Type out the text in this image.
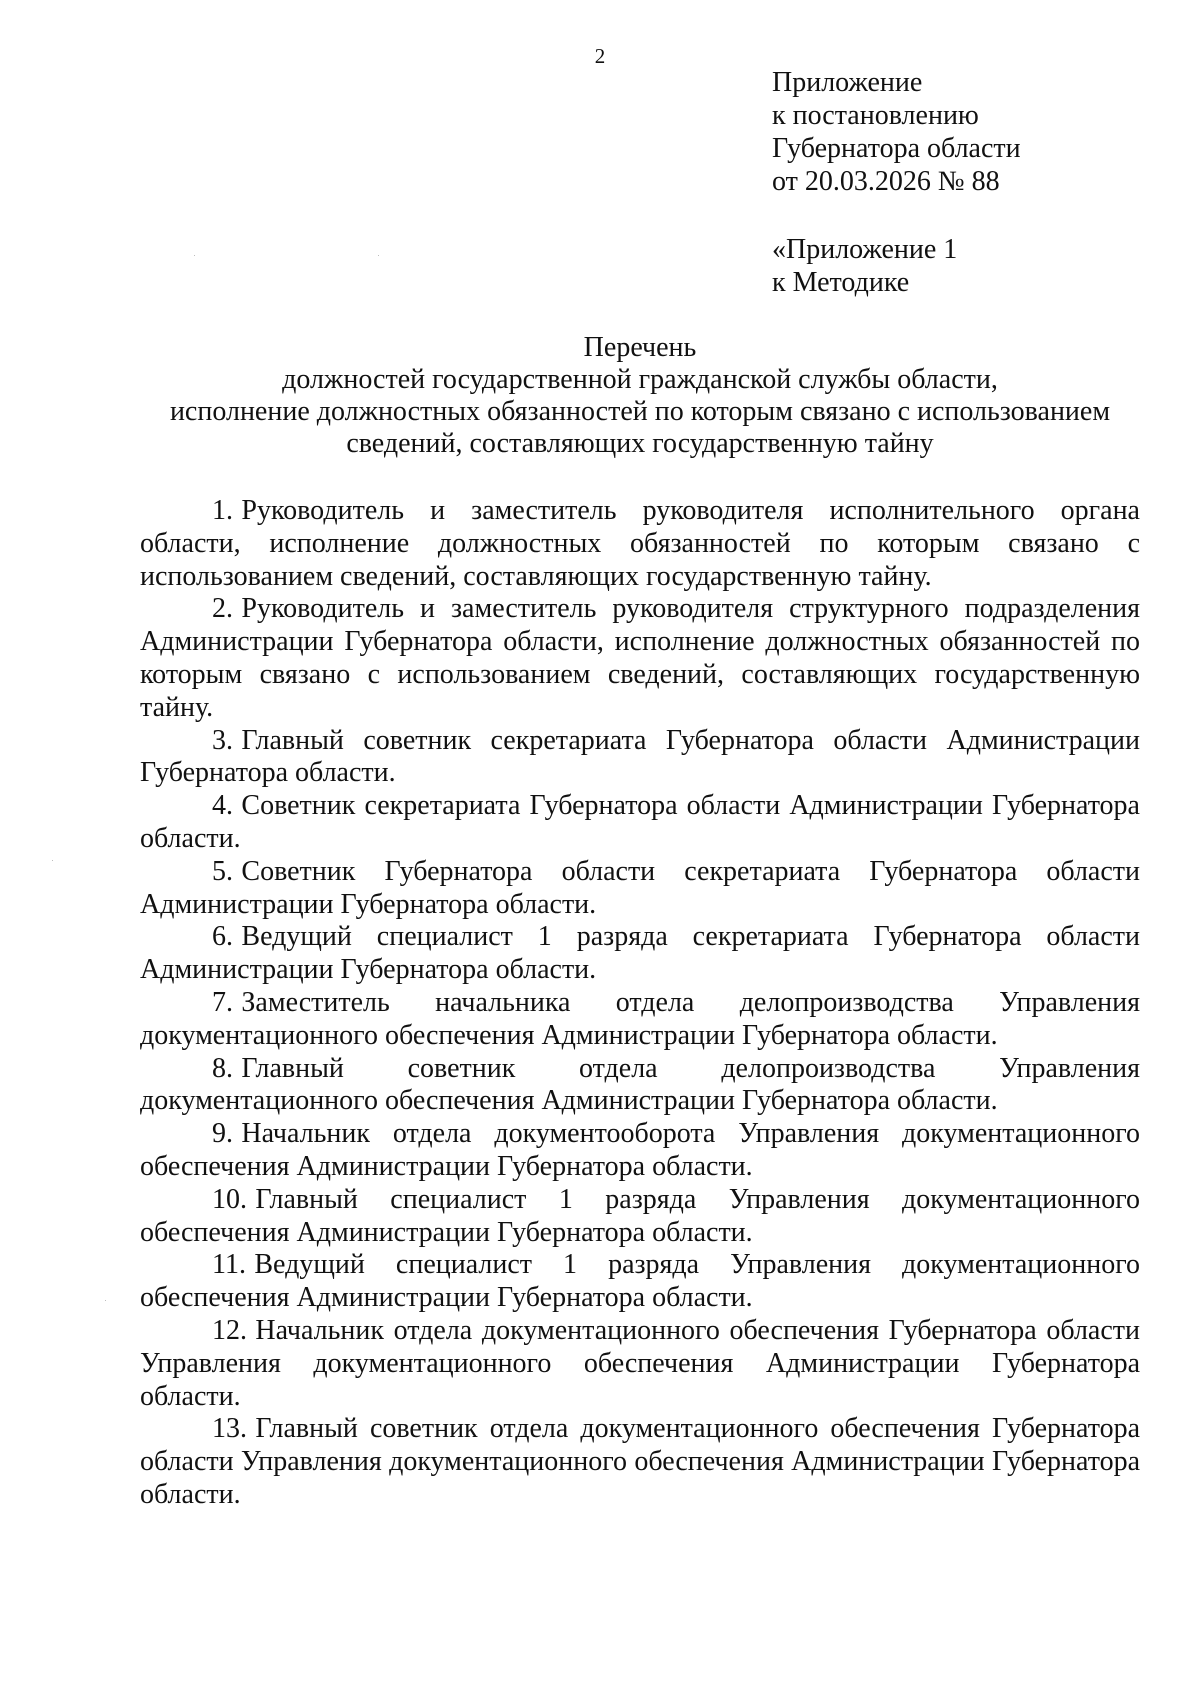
2
Приложение
к постановлению
Губернатора области
от 20.03.2026 № 88
«Приложение 1
к Методике
Перечень
должностей государственной гражданской службы области,
исполнение должностных обязанностей по которым связано с использованием
сведений, составляющих государственную тайну

1. Руководитель и заместитель руководителя исполнительного органа области, исполнение должностных обязанностей по которым связано с использованием сведений, составляющих государственную тайну.

2. Руководитель и заместитель руководителя структурного подразделения Администрации Губернатора области, исполнение должностных обязанностей по которым связано с использованием сведений, составляющих государственную тайну.

3. Главный советник секретариата Губернатора области Администрации Губернатора области.

4. Советник секретариата Губернатора области Администрации Губернатора области.

5. Советник Губернатора области секретариата Губернатора области Администрации Губернатора области.

6. Ведущий специалист 1 разряда секретариата Губернатора области Администрации Губернатора области.

7. Заместитель начальника отдела делопроизводства Управления документационного обеспечения Администрации Губернатора области.

8. Главный советник отдела делопроизводства Управления документационного обеспечения Администрации Губернатора области.

9. Начальник отдела документооборота Управления документационного обеспечения Администрации Губернатора области.

10. Главный специалист 1 разряда Управления документационного обеспечения Администрации Губернатора области.

11. Ведущий специалист 1 разряда Управления документационного обеспечения Администрации Губернатора области.

12. Начальник отдела документационного обеспечения Губернатора области Управления документационного обеспечения Администрации Губернатора области.

13. Главный советник отдела документационного обеспечения Губернатора области Управления документационного обеспечения Администрации Губернатора области.
